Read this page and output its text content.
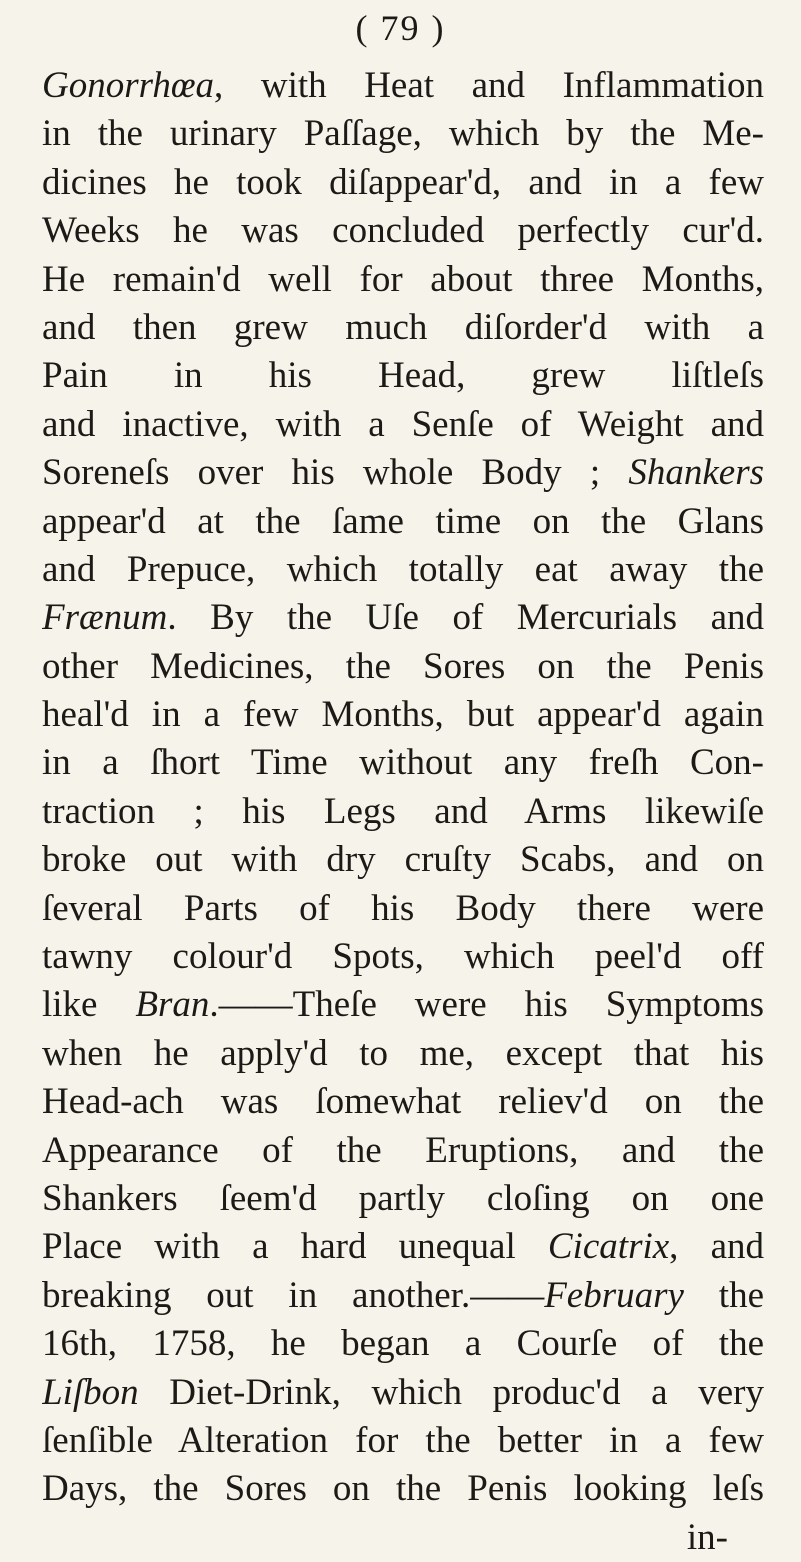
( 79 )
Gonorrhœa, with Heat and Inflammation
in the urinary Paſſage, which by the Me-
dicines he took diſappear'd, and in a few
Weeks he was concluded perfectly cur'd.
He remain'd well for about three Months,
and then grew much diſorder'd with a
Pain in his Head, grew liſtleſs
and inactive, with a Senſe of Weight and
Soreneſs over his whole Body ; Shankers
appear'd at the ſame time on the Glans
and Prepuce, which totally eat away the
Frænum. By the Uſe of Mercurials and
other Medicines, the Sores on the Penis
heal'd in a few Months, but appear'd again
in a ſhort Time without any freſh Con-
traction ; his Legs and Arms likewiſe
broke out with dry cruſty Scabs, and on
ſeveral Parts of his Body there were
tawny colour'd Spots, which peel'd off
like Bran.——Theſe were his Symptoms
when he apply'd to me, except that his
Head-ach was ſomewhat reliev'd on the
Appearance of the Eruptions, and the
Shankers ſeem'd partly cloſing on one
Place with a hard unequal Cicatrix, and
breaking out in another.——February the
16th, 1758, he began a Courſe of the
Liſbon Diet-Drink, which produc'd a very
ſenſible Alteration for the better in a few
Days, the Sores on the Penis looking leſs
in-
